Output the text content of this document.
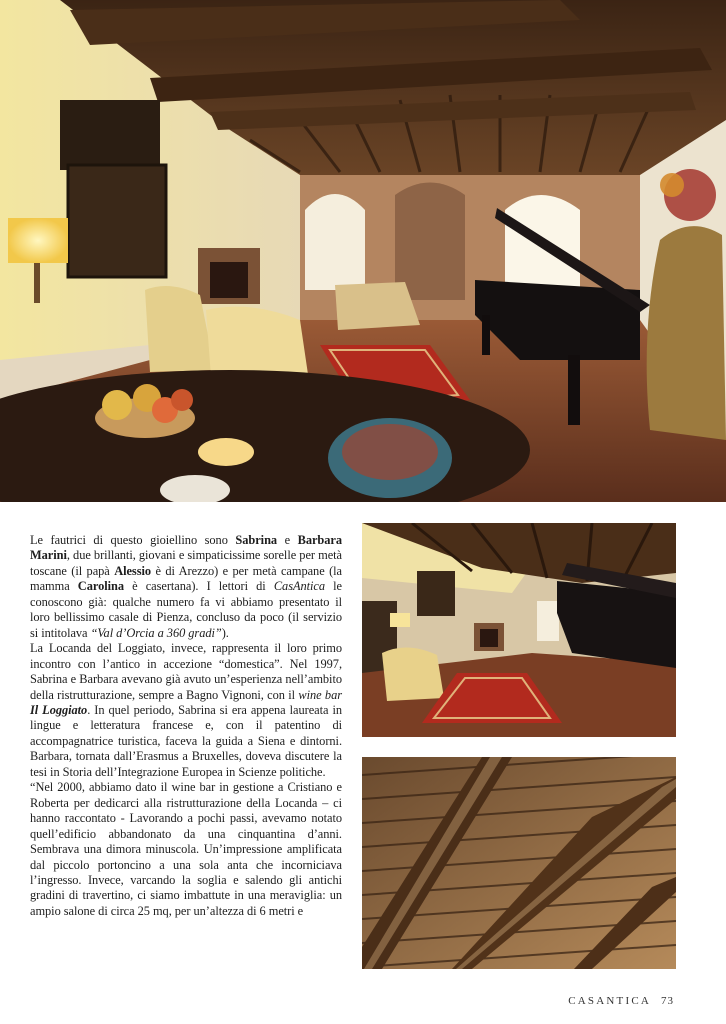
Le fautrici di questo gioiellino sono Sabrina e Barbara Marini, due brillanti, giovani e simpaticissime sorelle per metà toscane (il papà Alessio è di Arezzo) e per metà campane (la mamma Carolina è casertana). I lettori di CasAntica le conoscono già: qualche numero fa vi abbiamo presentato il loro bellissimo casale di Pienza, concluso da poco (il servizio si intitolava “Val d’Orcia a 360 gradi”).

La Locanda del Loggiato, invece, rappresenta il loro primo incontro con l’antico in accezione “domestica”. Nel 1997, Sabrina e Barbara avevano già avuto un’esperienza nell’ambito della ristrutturazione, sempre a Bagno Vignoni, con il wine bar Il Loggiato. In quel periodo, Sabrina si era appena laureata in lingue e letteratura francese e, con il patentino di accompagnatrice turistica, faceva la guida a Siena e dintorni. Barbara, tornata dall’Erasmus a Bruxelles, doveva discutere la tesi in Storia dell’Integrazione Europea in Scienze politiche.

“Nel 2000, abbiamo dato il wine bar in gestione a Cristiano e Roberta per dedicarci alla ristrutturazione della Locanda – ci hanno raccontato - Lavorando a pochi passi, avevamo notato quell’edificio abbandonato da una cinquantina d’anni. Sembrava una dimora minuscola. Un’impressione amplificata dal piccolo portoncino a una sola anta che incorniciava l’ingresso. Invece, varcando la soglia e salendo gli antichi gradini di travertino, ci siamo imbattute in una meraviglia: un ampio salone di circa 25 mq, per un’altezza di 6 metri e

CASANTICA 73
